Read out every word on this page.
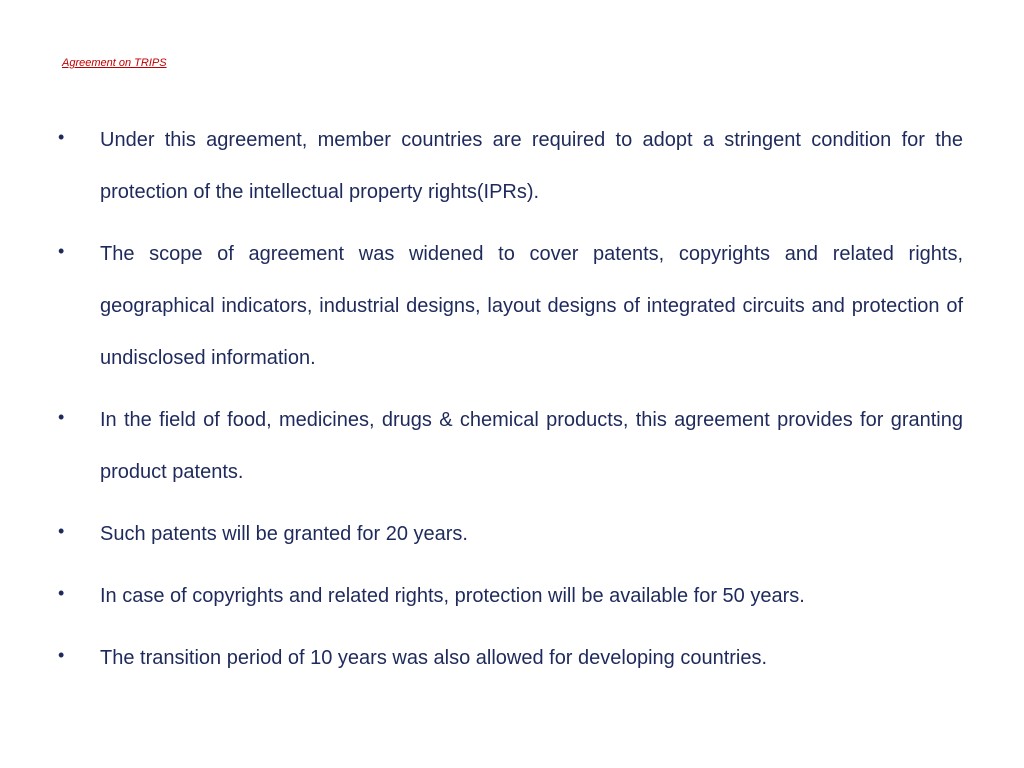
Agreement on TRIPS
• Under this agreement, member countries are required to adopt a stringent condition for the protection of the intellectual property rights(IPRs).
• The scope of agreement was widened to cover patents, copyrights and related rights, geographical indicators, industrial designs, layout designs of integrated circuits and protection of undisclosed information.
• In the field of food, medicines, drugs & chemical products, this agreement provides for granting product patents.
• Such patents will be granted for 20 years.
• In case of copyrights and related rights, protection will be available for 50 years.
• The transition period of 10 years was also allowed for developing countries.
